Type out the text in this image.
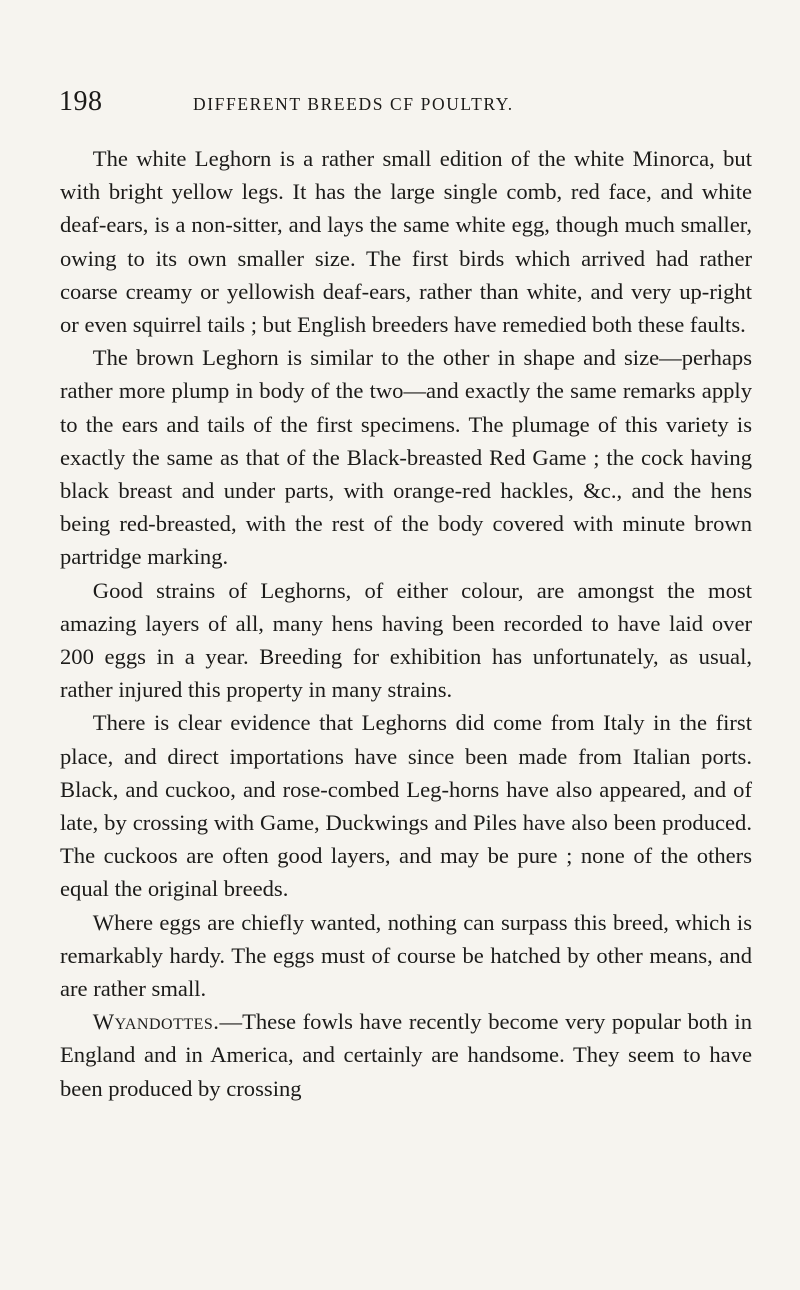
198	DIFFERENT BREEDS CF POULTRY.

The white Leghorn is a rather small edition of the white Minorca, but with bright yellow legs. It has the large single comb, red face, and white deaf-ears, is a non-sitter, and lays the same white egg, though much smaller, owing to its own smaller size. The first birds which arrived had rather coarse creamy or yellowish deaf-ears, rather than white, and very up-right or even squirrel tails ; but English breeders have remedied both these faults.

The brown Leghorn is similar to the other in shape and size—perhaps rather more plump in body of the two—and exactly the same remarks apply to the ears and tails of the first specimens. The plumage of this variety is exactly the same as that of the Black-breasted Red Game ; the cock having black breast and under parts, with orange-red hackles, &c., and the hens being red-breasted, with the rest of the body covered with minute brown partridge marking.

Good strains of Leghorns, of either colour, are amongst the most amazing layers of all, many hens having been recorded to have laid over 200 eggs in a year. Breeding for exhibition has unfortunately, as usual, rather injured this property in many strains.

There is clear evidence that Leghorns did come from Italy in the first place, and direct importations have since been made from Italian ports. Black, and cuckoo, and rose-combed Leg-horns have also appeared, and of late, by crossing with Game, Duckwings and Piles have also been produced. The cuckoos are often good layers, and may be pure ; none of the others equal the original breeds.

Where eggs are chiefly wanted, nothing can surpass this breed, which is remarkably hardy. The eggs must of course be hatched by other means, and are rather small.

Wyandottes.—These fowls have recently become very popular both in England and in America, and certainly are handsome. They seem to have been produced by crossing
